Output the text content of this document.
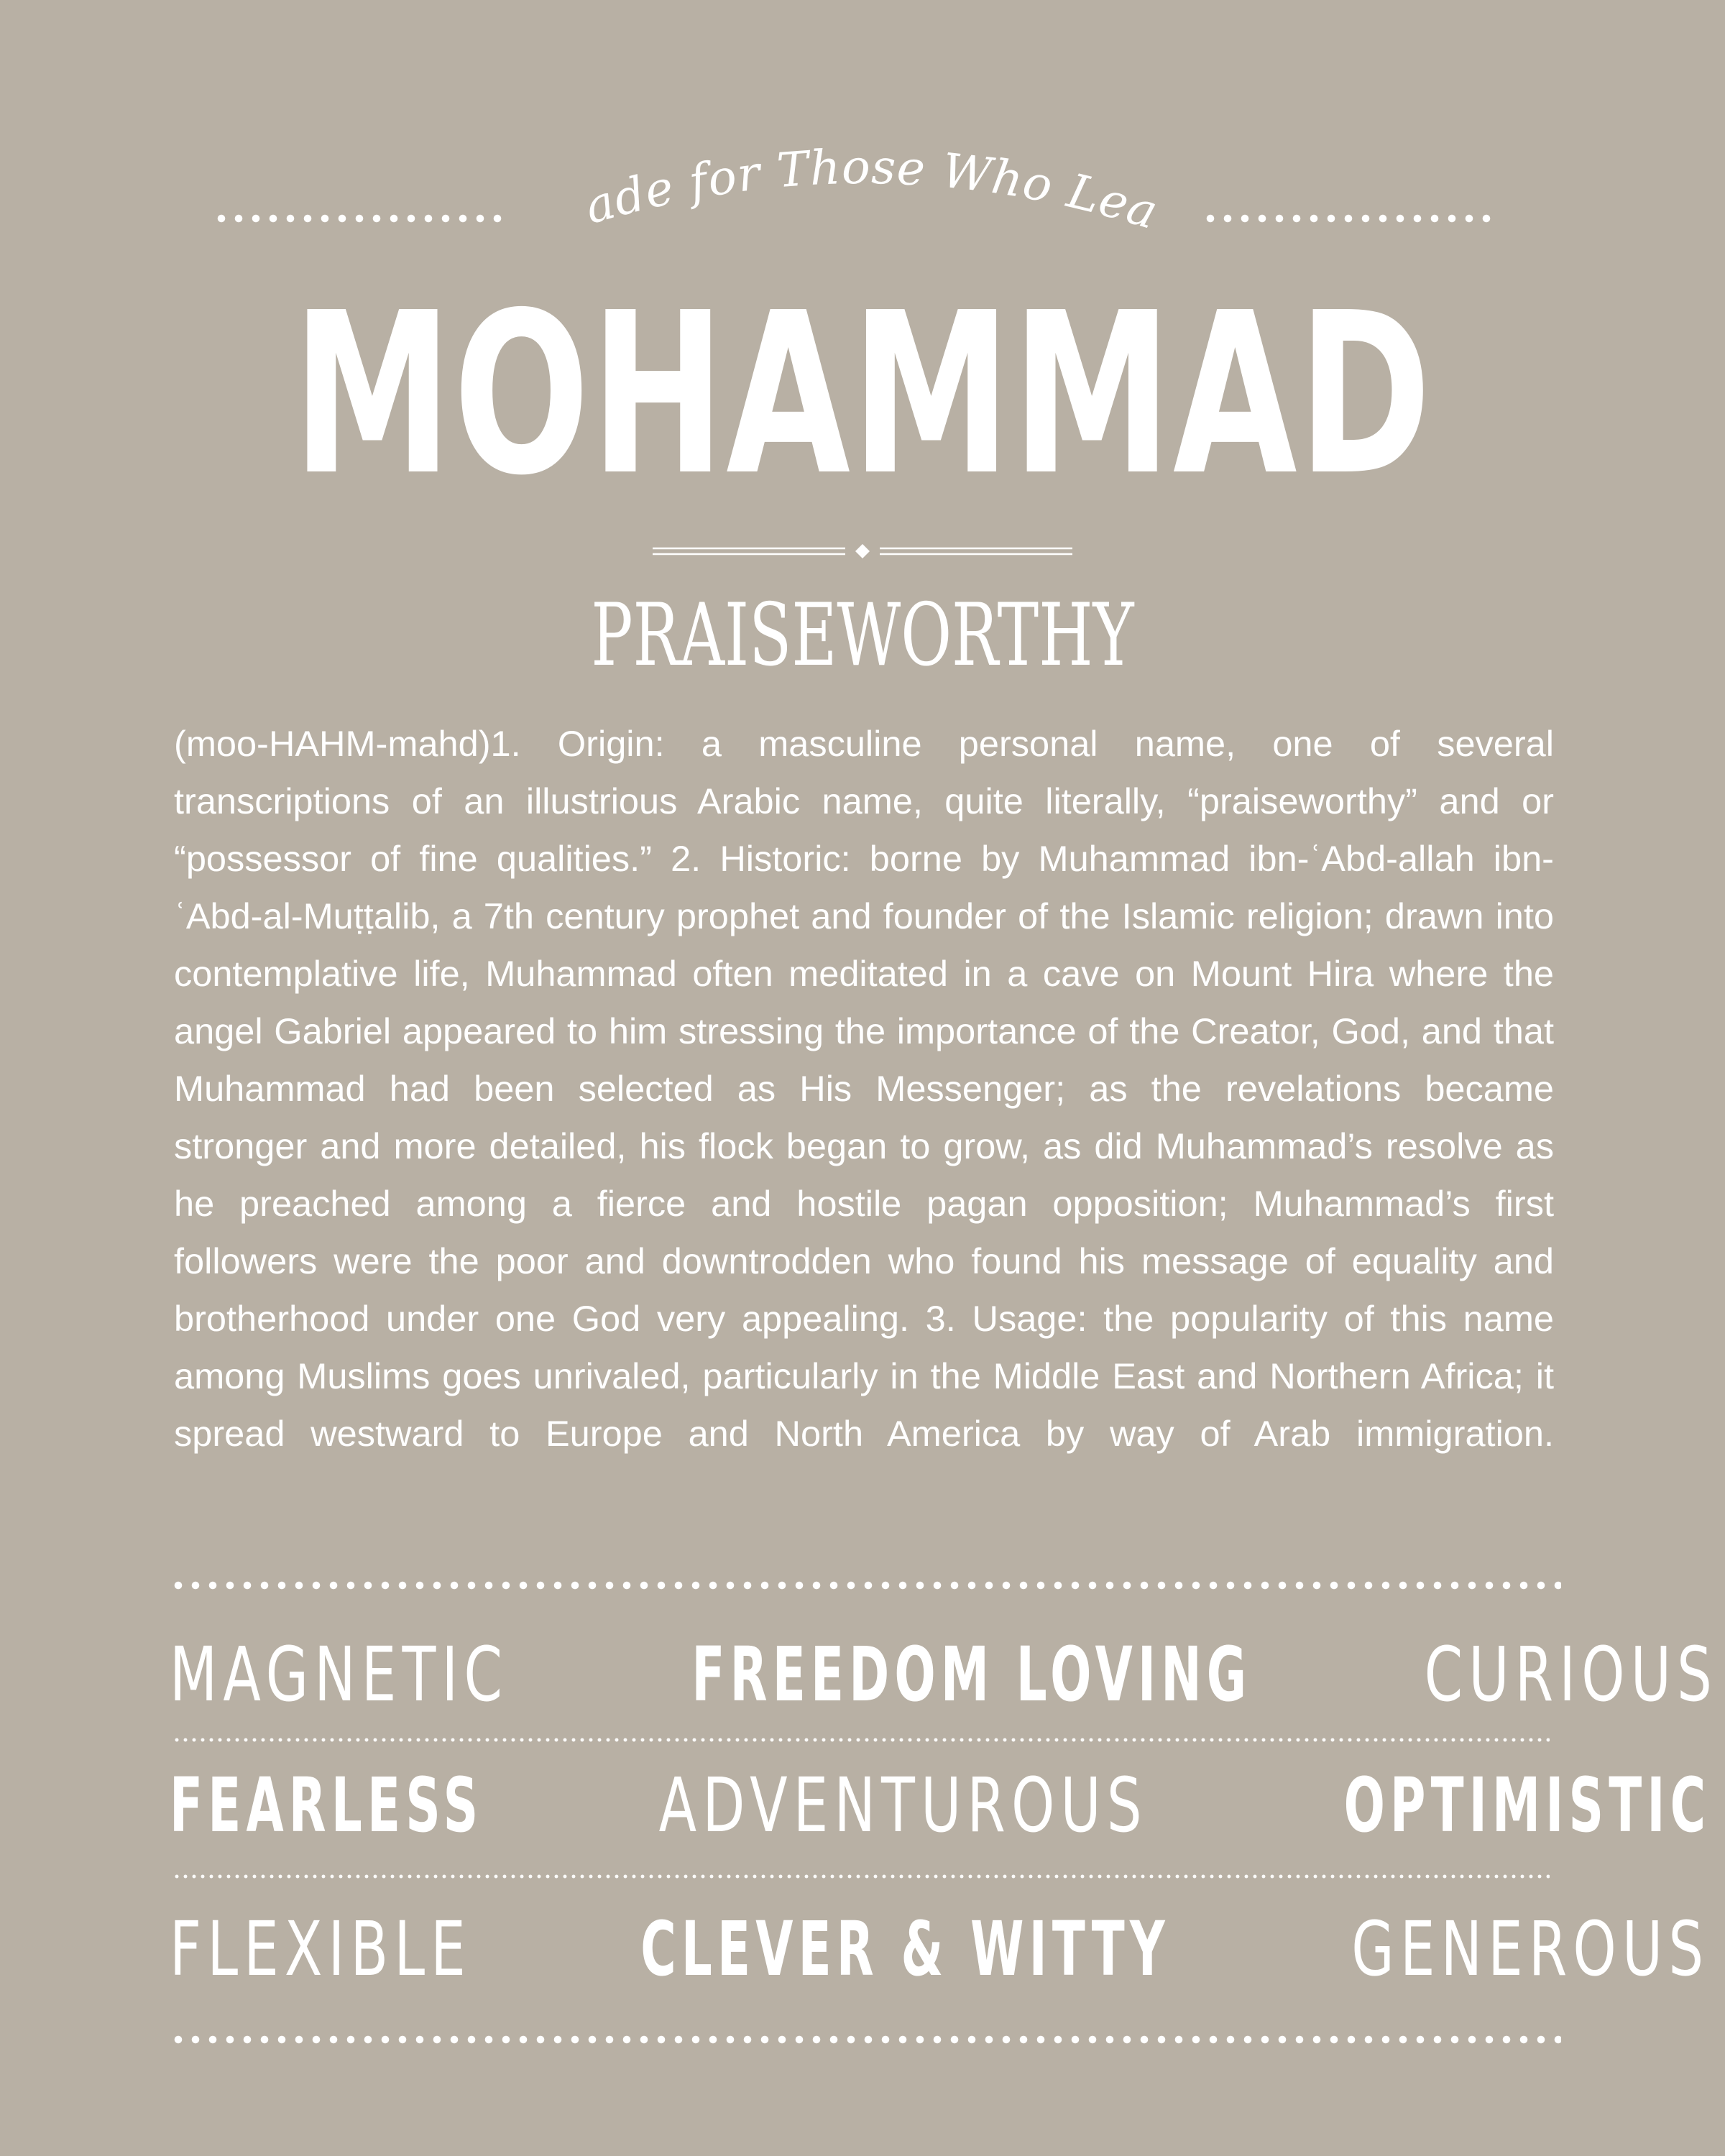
Made for Those Who Lead
MOHAMMAD
PRAISEWORTHY

(moo-HAHM-mahd)1. Origin: a masculine personal name, one of several transcriptions of an illustrious Arabic name, quite literally, “praiseworthy” and or “possessor of fine qualities.” 2. Historic: borne by Muhammad ibn-ʿAbd-allah ibn-ʿAbd-al-Muṭṭalib, a 7th century prophet and founder of the Islamic religion; drawn into contemplative life, Muhammad often meditated in a cave on Mount Hira where the angel Gabriel appeared to him stressing the importance of the Creator, God, and that Muhammad had been selected as His Messenger; as the revelations became stronger and more detailed, his flock began to grow, as did Muhammad’s resolve as he preached among a fierce and hostile pagan opposition; Muhammad’s first followers were the poor and downtrodden who found his message of equality and brotherhood under one God very appealing. 3. Usage: the popularity of this name among Muslims goes unrivaled, particularly in the Middle East and Northern Africa; it spread westward to Europe and North America by way of Arab immigration.

MAGNETIC FREEDOM LOVING CURIOUS
FEARLESS ADVENTUROUS	OPTIMISTIC
FLEXIBLE CLEVER & WITTY GENEROUS
